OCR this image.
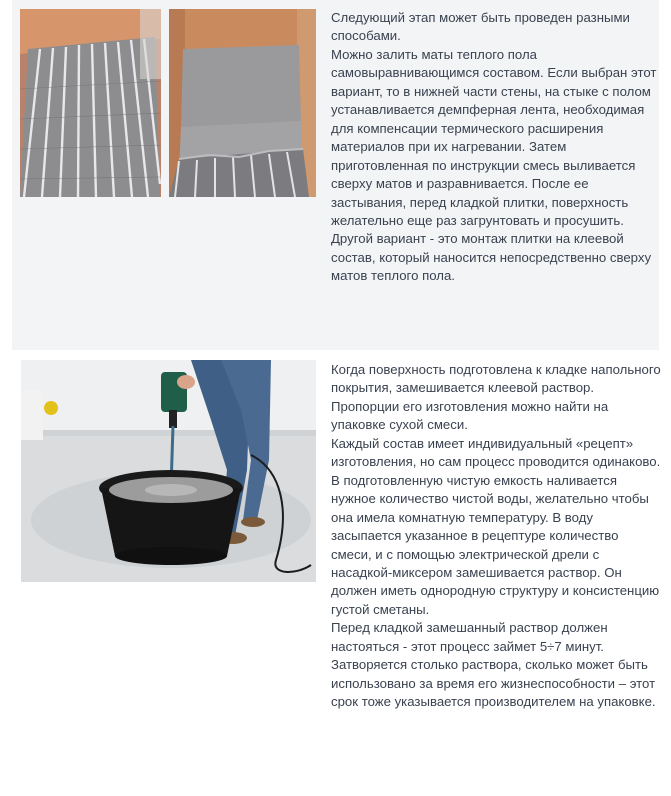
Следующий этап может быть проведен разными способами.

Можно залить маты теплого пола самовыравнивающимся составом. Если выбран этот вариант, то в нижней части стены, на стыке с полом устанавливается демпферная лента, необходимая для компенсации термического расширения материалов при их нагревании. Затем приготовленная по инструкции смесь выливается сверху матов и разравнивается. После ее застывания, перед кладкой плитки, поверхность желательно еще раз загрунтовать и просушить.

Другой вариант - это монтаж плитки на клеевой состав, который наносится непосредственно сверху матов теплого пола.

Когда поверхность подготовлена к кладке напольного покрытия, замешивается клеевой раствор. Пропорции его изготовления можно найти на упаковке сухой смеси.

Каждый состав имеет индивидуальный «рецепт» изготовления, но сам процесс проводится одинаково.

В подготовленную чистую емкость наливается нужное количество чистой воды, желательно чтобы она имела комнатную температуру. В воду засыпается указанное в рецептуре количество смеси, и с помощью электрической дрели с насадкой-миксером замешивается раствор. Он должен иметь однородную структуру и консистенцию густой сметаны.

Перед кладкой замешанный раствор должен настояться - этот процесс займет 5÷7 минут.

Затворяется столько раствора, сколько может быть использовано за время его жизнеспособности – этот срок тоже указывается производителем на упаковке.
